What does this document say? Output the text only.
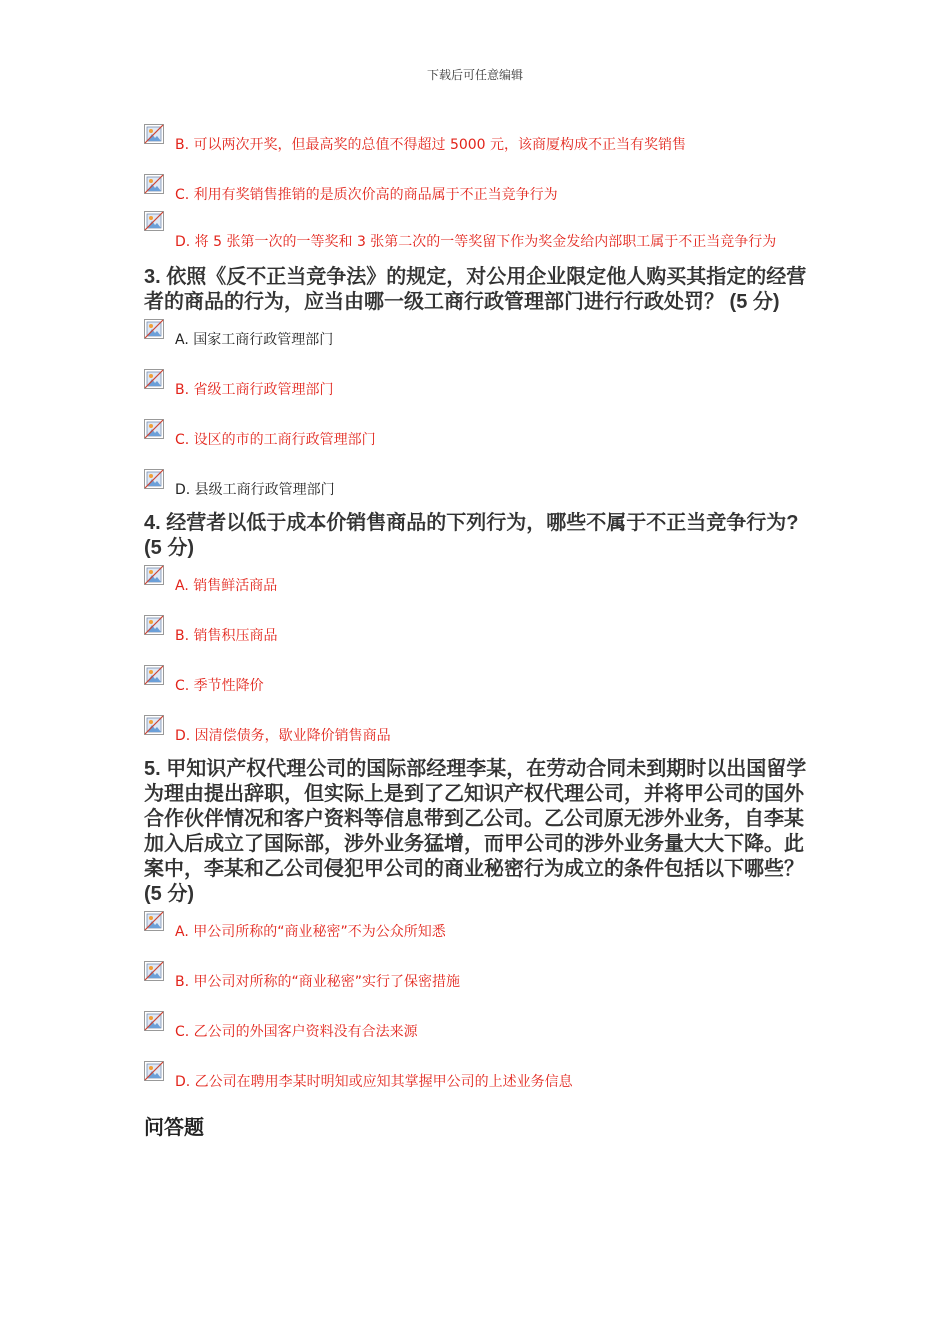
下载后可任意编辑
B. 可以两次开奖，但最高奖的总值不得超过 5000 元，该商厦构成不正当有奖销售
C. 利用有奖销售推销的是质次价高的商品属于不正当竞争行为
D. 将 5 张第一次的一等奖和 3 张第二次的一等奖留下作为奖金发给内部职工属于不正当竞争行为

3. 依照《反不正当竞争法》的规定，对公用企业限定他人购买其指定的经营者的商品的行为，应当由哪一级工商行政管理部门进行行政处罚？ (5 分)

A. 国家工商行政管理部门
B. 省级工商行政管理部门
C. 设区的市的工商行政管理部门
D. 县级工商行政管理部门

4. 经营者以低于成本价销售商品的下列行为，哪些不属于不正当竞争行为? (5 分)

A. 销售鲜活商品
B. 销售积压商品
C. 季节性降价
D. 因清偿债务，歇业降价销售商品

5. 甲知识产权代理公司的国际部经理李某，在劳动合同未到期时以出国留学为理由提出辞职，但实际上是到了乙知识产权代理公司，并将甲公司的国外合作伙伴情况和客户资料等信息带到乙公司。乙公司原无涉外业务，自李某加入后成立了国际部，涉外业务猛增，而甲公司的涉外业务量大大下降。此案中，李某和乙公司侵犯甲公司的商业秘密行为成立的条件包括以下哪些？ (5 分)

A. 甲公司所称的“商业秘密”不为公众所知悉
B. 甲公司对所称的“商业秘密”实行了保密措施
C. 乙公司的外国客户资料没有合法来源
D. 乙公司在聘用李某时明知或应知其掌握甲公司的上述业务信息
问答题
